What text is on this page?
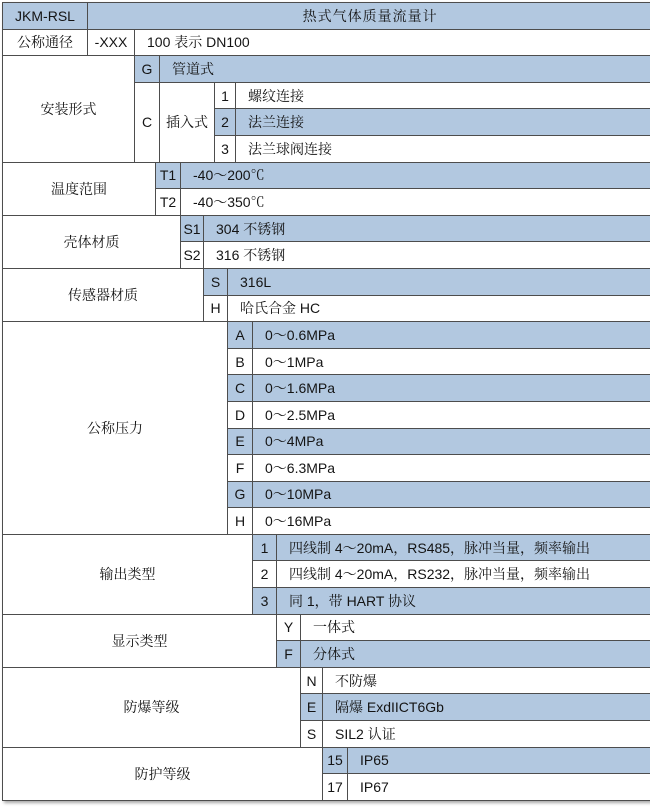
JKM-RSL	热式气体质量流量计													
公称通径	-XXX	100 表示 DN100												
安装形式		G		管道式										
		C		插入式			1		螺纹连接					
							2		法兰连接					
							3		法兰球阀连接					
温度范围			T1		-40～200℃									
			T2		-40～350℃									
壳体材质					S1	304 不锈钢								
					S2	316 不锈钢								
传感器材质						S		316L						
						H		哈氏合金 HC						
公称压力								A		0～0.6MPa				
								B		0～1MPa				
								C		0～1.6MPa				
								D		0～2.5MPa				
								E		0～4MPa				
								F		0～6.3MPa				
								G		0～10MPa				
								H		0～16MPa				
输出类型										1	四线制 4～20mA，RS485，脉冲当量，频率输出			
										2	四线制 4～20mA，RS232，脉冲当量，频率输出			
										3	同 1，带 HART 协议			
显示类型											Y	一体式		
											F	分体式		
防爆等级												N	不防爆	
												E	隔爆 ExdIICT6Gb	
												S	SIL2 认证	
防护等级													15	IP65
													17	IP67
